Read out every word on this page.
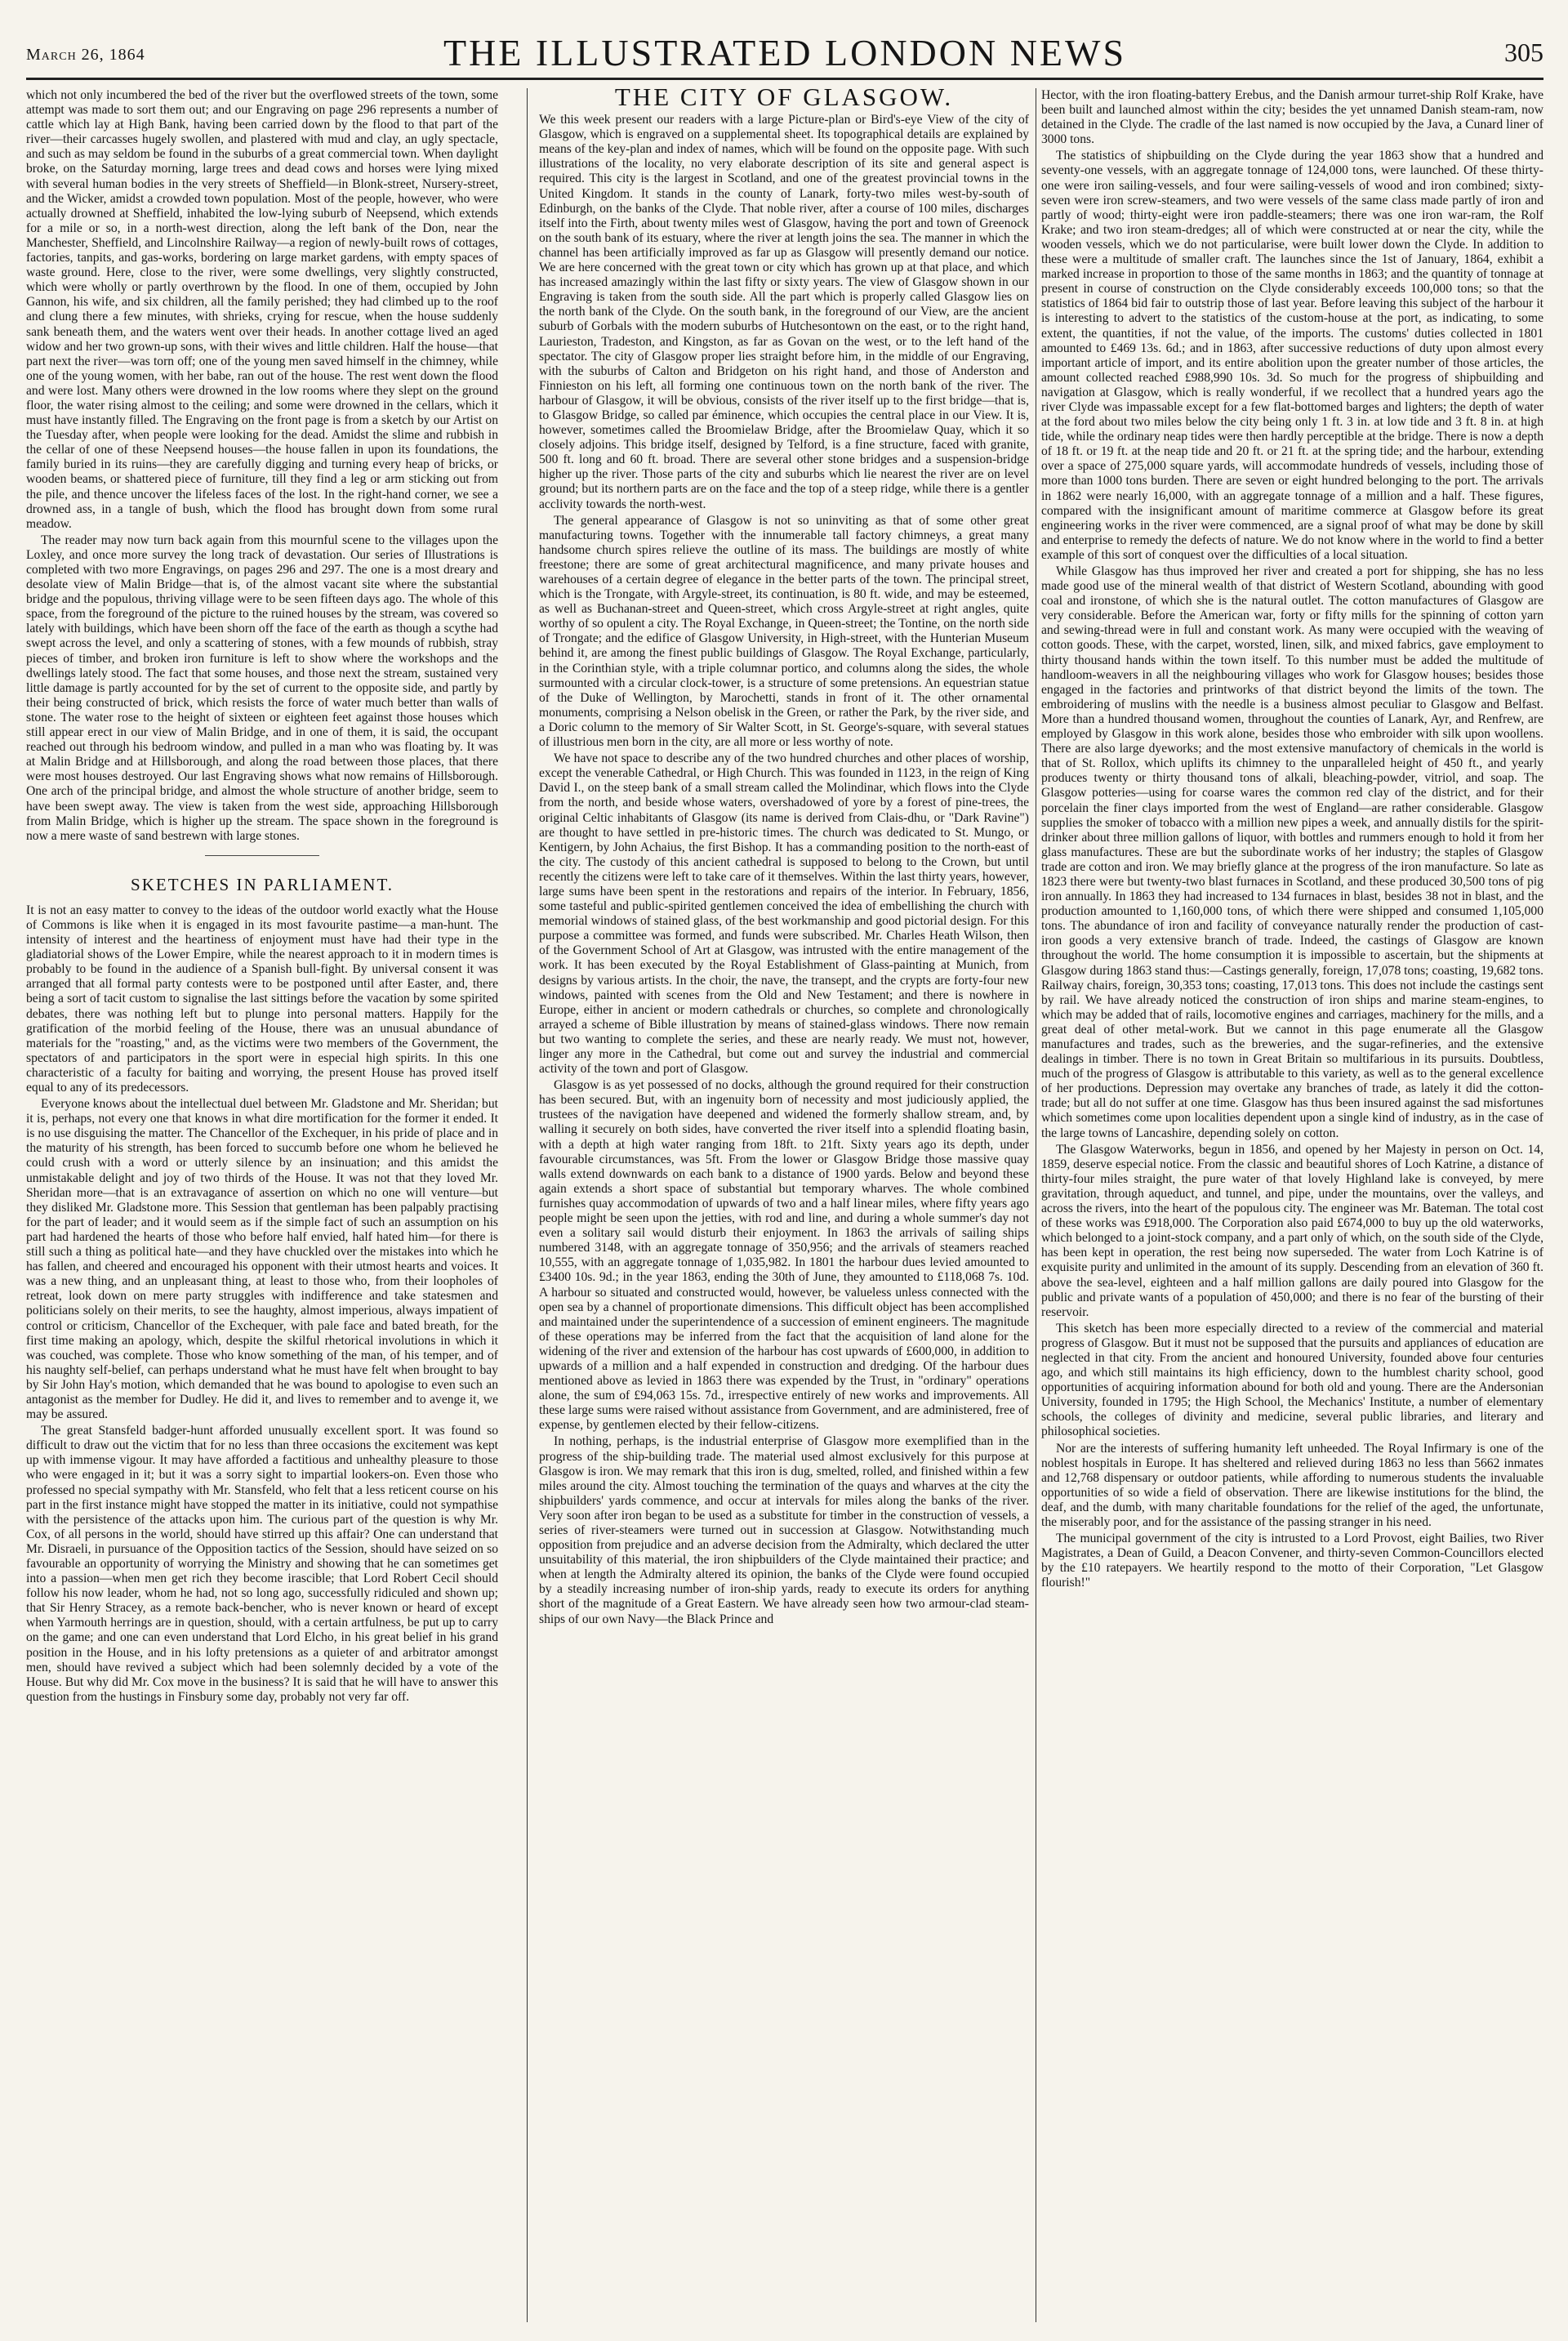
March 26, 1864	THE ILLUSTRATED LONDON NEWS	305

which not only incumbered the bed of the river but the overflowed streets of the town, some attempt was made to sort them out; and our Engraving on page 296 represents a number of cattle which lay at High Bank, having been carried down by the flood to that part of the river—their carcasses hugely swollen, and plastered with mud and clay, an ugly spectacle, and such as may seldom be found in the suburbs of a great commercial town. When daylight broke, on the Saturday morning, large trees and dead cows and horses were lying mixed with several human bodies in the very streets of Sheffield—in Blonk-street, Nursery-street, and the Wicker, amidst a crowded town population. Most of the people, however, who were actually drowned at Sheffield, inhabited the low-lying suburb of Neepsend, which extends for a mile or so, in a north-west direction, along the left bank of the Don, near the Manchester, Sheffield, and Lincolnshire Railway—a region of newly-built rows of cottages, factories, tanpits, and gas-works, bordering on large market gardens, with empty spaces of waste ground. Here, close to the river, were some dwellings, very slightly constructed, which were wholly or partly overthrown by the flood. In one of them, occupied by John Gannon, his wife, and six children, all the family perished; they had climbed up to the roof and clung there a few minutes, with shrieks, crying for rescue, when the house suddenly sank beneath them, and the waters went over their heads. In another cottage lived an aged widow and her two grown-up sons, with their wives and little children. Half the house—that part next the river—was torn off; one of the young men saved himself in the chimney, while one of the young women, with her babe, ran out of the house. The rest went down the flood and were lost. Many others were drowned in the low rooms where they slept on the ground floor, the water rising almost to the ceiling; and some were drowned in the cellars, which it must have instantly filled. The Engraving on the front page is from a sketch by our Artist on the Tuesday after, when people were looking for the dead. Amidst the slime and rubbish in the cellar of one of these Neepsend houses—the house fallen in upon its foundations, the family buried in its ruins—they are carefully digging and turning every heap of bricks, or wooden beams, or shattered piece of furniture, till they find a leg or arm sticking out from the pile, and thence uncover the lifeless faces of the lost. In the right-hand corner, we see a drowned ass, in a tangle of bush, which the flood has brought down from some rural meadow.

The reader may now turn back again from this mournful scene to the villages upon the Loxley, and once more survey the long track of devastation. Our series of Illustrations is completed with two more Engravings, on pages 296 and 297. The one is a most dreary and desolate view of Malin Bridge—that is, of the almost vacant site where the substantial bridge and the populous, thriving village were to be seen fifteen days ago. The whole of this space, from the foreground of the picture to the ruined houses by the stream, was covered so lately with buildings, which have been shorn off the face of the earth as though a scythe had swept across the level, and only a scattering of stones, with a few mounds of rubbish, stray pieces of timber, and broken iron furniture is left to show where the workshops and the dwellings lately stood. The fact that some houses, and those next the stream, sustained very little damage is partly accounted for by the set of current to the opposite side, and partly by their being constructed of brick, which resists the force of water much better than walls of stone. The water rose to the height of sixteen or eighteen feet against those houses which still appear erect in our view of Malin Bridge, and in one of them, it is said, the occupant reached out through his bedroom window, and pulled in a man who was floating by. It was at Malin Bridge and at Hillsborough, and along the road between those places, that there were most houses destroyed. Our last Engraving shows what now remains of Hillsborough. One arch of the principal bridge, and almost the whole structure of another bridge, seem to have been swept away. The view is taken from the west side, approaching Hillsborough from Malin Bridge, which is higher up the stream. The space shown in the foreground is now a mere waste of sand bestrewn with large stones.

SKETCHES IN PARLIAMENT.

It is not an easy matter to convey to the ideas of the outdoor world exactly what the House of Commons is like when it is engaged in its most favourite pastime—a man-hunt. The intensity of interest and the heartiness of enjoyment must have had their type in the gladiatorial shows of the Lower Empire, while the nearest approach to it in modern times is probably to be found in the audience of a Spanish bull-fight. By universal consent it was arranged that all formal party contests were to be postponed until after Easter, and, there being a sort of tacit custom to signalise the last sittings before the vacation by some spirited debates, there was nothing left but to plunge into personal matters. Happily for the gratification of the morbid feeling of the House, there was an unusual abundance of materials for the "roasting," and, as the victims were two members of the Government, the spectators of and participators in the sport were in especial high spirits. In this one characteristic of a faculty for baiting and worrying, the present House has proved itself equal to any of its predecessors.

Everyone knows about the intellectual duel between Mr. Gladstone and Mr. Sheridan; but it is, perhaps, not every one that knows in what dire mortification for the former it ended. It is no use disguising the matter. The Chancellor of the Exchequer, in his pride of place and in the maturity of his strength, has been forced to succumb before one whom he believed he could crush with a word or utterly silence by an insinuation; and this amidst the unmistakable delight and joy of two thirds of the House. It was not that they loved Mr. Sheridan more—that is an extravagance of assertion on which no one will venture—but they disliked Mr. Gladstone more. This Session that gentleman has been palpably practising for the part of leader; and it would seem as if the simple fact of such an assumption on his part had hardened the hearts of those who before half envied, half hated him—for there is still such a thing as political hate—and they have chuckled over the mistakes into which he has fallen, and cheered and encouraged his opponent with their utmost hearts and voices. It was a new thing, and an unpleasant thing, at least to those who, from their loopholes of retreat, look down on mere party struggles with indifference and take statesmen and politicians solely on their merits, to see the haughty, almost imperious, always impatient of control or criticism, Chancellor of the Exchequer, with pale face and bated breath, for the first time making an apology, which, despite the skilful rhetorical involutions in which it was couched, was complete. Those who know something of the man, of his temper, and of his naughty self-belief, can perhaps understand what he must have felt when brought to bay by Sir John Hay's motion, which demanded that he was bound to apologise to even such an antagonist as the member for Dudley. He did it, and lives to remember and to avenge it, we may be assured.

The great Stansfeld badger-hunt afforded unusually excellent sport. It was found so difficult to draw out the victim that for no less than three occasions the excitement was kept up with immense vigour. It may have afforded a factitious and unhealthy pleasure to those who were engaged in it; but it was a sorry sight to impartial lookers-on. Even those who professed no special sympathy with Mr. Stansfeld, who felt that a less reticent course on his part in the first instance might have stopped the matter in its initiative, could not sympathise with the persistence of the attacks upon him. The curious part of the question is why Mr. Cox, of all persons in the world, should have stirred up this affair? One can understand that Mr. Disraeli, in pursuance of the Opposition tactics of the Session, should have seized on so favourable an opportunity of worrying the Ministry and showing that he can sometimes get into a passion—when men get rich they become irascible; that Lord Robert Cecil should follow his now leader, whom he had, not so long ago, successfully ridiculed and shown up; that Sir Henry Stracey, as a remote back-bencher, who is never known or heard of except when Yarmouth herrings are in question, should, with a certain artfulness, be put up to carry on the game; and one can even understand that Lord Elcho, in his great belief in his grand position in the House, and in his lofty pretensions as a quieter of and arbitrator amongst men, should have revived a subject which had been solemnly decided by a vote of the House. But why did Mr. Cox move in the business? It is said that he will have to answer this question from the hustings in Finsbury some day, probably not very far off.

THE CITY OF GLASGOW.

We this week present our readers with a large Picture-plan or Bird's-eye View of the city of Glasgow, which is engraved on a supplemental sheet. Its topographical details are explained by means of the key-plan and index of names, which will be found on the opposite page. With such illustrations of the locality, no very elaborate description of its site and general aspect is required. This city is the largest in Scotland, and one of the greatest provincial towns in the United Kingdom. It stands in the county of Lanark, forty-two miles west-by-south of Edinburgh, on the banks of the Clyde. That noble river, after a course of 100 miles, discharges itself into the Firth, about twenty miles west of Glasgow, having the port and town of Greenock on the south bank of its estuary, where the river at length joins the sea. The manner in which the channel has been artificially improved as far up as Glasgow will presently demand our notice. We are here concerned with the great town or city which has grown up at that place, and which has increased amazingly within the last fifty or sixty years. The view of Glasgow shown in our Engraving is taken from the south side. All the part which is properly called Glasgow lies on the north bank of the Clyde. On the south bank, in the foreground of our View, are the ancient suburb of Gorbals with the modern suburbs of Hutchesontown on the east, or to the right hand, Laurieston, Tradeston, and Kingston, as far as Govan on the west, or to the left hand of the spectator. The city of Glasgow proper lies straight before him, in the middle of our Engraving, with the suburbs of Calton and Bridgeton on his right hand, and those of Anderston and Finnieston on his left, all forming one continuous town on the north bank of the river. The harbour of Glasgow, it will be obvious, consists of the river itself up to the first bridge—that is, to Glasgow Bridge, so called par éminence, which occupies the central place in our View. It is, however, sometimes called the Broomielaw Bridge, after the Broomielaw Quay, which it so closely adjoins. This bridge itself, designed by Telford, is a fine structure, faced with granite, 500 ft. long and 60 ft. broad. There are several other stone bridges and a suspension-bridge higher up the river. Those parts of the city and suburbs which lie nearest the river are on level ground; but its northern parts are on the face and the top of a steep ridge, while there is a gentler acclivity towards the north-west.

The general appearance of Glasgow is not so uninviting as that of some other great manufacturing towns. Together with the innumerable tall factory chimneys, a great many handsome church spires relieve the outline of its mass. The buildings are mostly of white freestone; there are some of great architectural magnificence, and many private houses and warehouses of a certain degree of elegance in the better parts of the town. The principal street, which is the Trongate, with Argyle-street, its continuation, is 80 ft. wide, and may be esteemed, as well as Buchanan-street and Queen-street, which cross Argyle-street at right angles, quite worthy of so opulent a city. The Royal Exchange, in Queen-street; the Tontine, on the north side of Trongate; and the edifice of Glasgow University, in High-street, with the Hunterian Museum behind it, are among the finest public buildings of Glasgow. The Royal Exchange, particularly, in the Corinthian style, with a triple columnar portico, and columns along the sides, the whole surmounted with a circular clock-tower, is a structure of some pretensions. An equestrian statue of the Duke of Wellington, by Marochetti, stands in front of it. The other ornamental monuments, comprising a Nelson obelisk in the Green, or rather the Park, by the river side, and a Doric column to the memory of Sir Walter Scott, in St. George's-square, with several statues of illustrious men born in the city, are all more or less worthy of note.

We have not space to describe any of the two hundred churches and other places of worship, except the venerable Cathedral, or High Church. This was founded in 1123, in the reign of King David I., on the steep bank of a small stream called the Molindinar, which flows into the Clyde from the north, and beside whose waters, overshadowed of yore by a forest of pine-trees, the original Celtic inhabitants of Glasgow (its name is derived from Clais-dhu, or "Dark Ravine") are thought to have settled in pre-historic times. The church was dedicated to St. Mungo, or Kentigern, by John Achaius, the first Bishop. It has a commanding position to the north-east of the city. The custody of this ancient cathedral is supposed to belong to the Crown, but until recently the citizens were left to take care of it themselves. Within the last thirty years, however, large sums have been spent in the restorations and repairs of the interior. In February, 1856, some tasteful and public-spirited gentlemen conceived the idea of embellishing the church with memorial windows of stained glass, of the best workmanship and good pictorial design. For this purpose a committee was formed, and funds were subscribed. Mr. Charles Heath Wilson, then of the Government School of Art at Glasgow, was intrusted with the entire management of the work. It has been executed by the Royal Establishment of Glass-painting at Munich, from designs by various artists. In the choir, the nave, the transept, and the crypts are forty-four new windows, painted with scenes from the Old and New Testament; and there is nowhere in Europe, either in ancient or modern cathedrals or churches, so complete and chronologically arrayed a scheme of Bible illustration by means of stained-glass windows. There now remain but two wanting to complete the series, and these are nearly ready. We must not, however, linger any more in the Cathedral, but come out and survey the industrial and commercial activity of the town and port of Glasgow.

Glasgow is as yet possessed of no docks, although the ground required for their construction has been secured. But, with an ingenuity born of necessity and most judiciously applied, the trustees of the navigation have deepened and widened the formerly shallow stream, and, by walling it securely on both sides, have converted the river itself into a splendid floating basin, with a depth at high water ranging from 18ft. to 21ft. Sixty years ago its depth, under favourable circumstances, was 5ft. From the lower or Glasgow Bridge those massive quay walls extend downwards on each bank to a distance of 1900 yards. Below and beyond these again extends a short space of substantial but temporary wharves. The whole combined furnishes quay accommodation of upwards of two and a half linear miles, where fifty years ago people might be seen upon the jetties, with rod and line, and during a whole summer's day not even a solitary sail would disturb their enjoyment. In 1863 the arrivals of sailing ships numbered 3148, with an aggregate tonnage of 350,956; and the arrivals of steamers reached 10,555, with an aggregate tonnage of 1,035,982. In 1801 the harbour dues levied amounted to £3400 10s. 9d.; in the year 1863, ending the 30th of June, they amounted to £118,068 7s. 10d. A harbour so situated and constructed would, however, be valueless unless connected with the open sea by a channel of proportionate dimensions. This difficult object has been accomplished and maintained under the superintendence of a succession of eminent engineers. The magnitude of these operations may be inferred from the fact that the acquisition of land alone for the widening of the river and extension of the harbour has cost upwards of £600,000, in addition to upwards of a million and a half expended in construction and dredging. Of the harbour dues mentioned above as levied in 1863 there was expended by the Trust, in "ordinary" operations alone, the sum of £94,063 15s. 7d., irrespective entirely of new works and improvements. All these large sums were raised without assistance from Government, and are administered, free of expense, by gentlemen elected by their fellow-citizens.

In nothing, perhaps, is the industrial enterprise of Glasgow more exemplified than in the progress of the ship-building trade. The material used almost exclusively for this purpose at Glasgow is iron. We may remark that this iron is dug, smelted, rolled, and finished within a few miles around the city. Almost touching the termination of the quays and wharves at the city the shipbuilders' yards commence, and occur at intervals for miles along the banks of the river. Very soon after iron began to be used as a substitute for timber in the construction of vessels, a series of river-steamers were turned out in succession at Glasgow. Notwithstanding much opposition from prejudice and an adverse decision from the Admiralty, which declared the utter unsuitability of this material, the iron shipbuilders of the Clyde maintained their practice; and when at length the Admiralty altered its opinion, the banks of the Clyde were found occupied by a steadily increasing number of iron-ship yards, ready to execute its orders for anything short of the magnitude of a Great Eastern. We have already seen how two armour-clad steam-ships of our own Navy—the Black Prince and

Hector, with the iron floating-battery Erebus, and the Danish armour turret-ship Rolf Krake, have been built and launched almost within the city; besides the yet unnamed Danish steam-ram, now detained in the Clyde. The cradle of the last named is now occupied by the Java, a Cunard liner of 3000 tons.

The statistics of shipbuilding on the Clyde during the year 1863 show that a hundred and seventy-one vessels, with an aggregate tonnage of 124,000 tons, were launched. Of these thirty-one were iron sailing-vessels, and four were sailing-vessels of wood and iron combined; sixty-seven were iron screw-steamers, and two were vessels of the same class made partly of iron and partly of wood; thirty-eight were iron paddle-steamers; there was one iron war-ram, the Rolf Krake; and two iron steam-dredges; all of which were constructed at or near the city, while the wooden vessels, which we do not particularise, were built lower down the Clyde. In addition to these were a multitude of smaller craft. The launches since the 1st of January, 1864, exhibit a marked increase in proportion to those of the same months in 1863; and the quantity of tonnage at present in course of construction on the Clyde considerably exceeds 100,000 tons; so that the statistics of 1864 bid fair to outstrip those of last year. Before leaving this subject of the harbour it is interesting to advert to the statistics of the custom-house at the port, as indicating, to some extent, the quantities, if not the value, of the imports. The customs' duties collected in 1801 amounted to £469 13s. 6d.; and in 1863, after successive reductions of duty upon almost every important article of import, and its entire abolition upon the greater number of those articles, the amount collected reached £988,990 10s. 3d. So much for the progress of shipbuilding and navigation at Glasgow, which is really wonderful, if we recollect that a hundred years ago the river Clyde was impassable except for a few flat-bottomed barges and lighters; the depth of water at the ford about two miles below the city being only 1 ft. 3 in. at low tide and 3 ft. 8 in. at high tide, while the ordinary neap tides were then hardly perceptible at the bridge. There is now a depth of 18 ft. or 19 ft. at the neap tide and 20 ft. or 21 ft. at the spring tide; and the harbour, extending over a space of 275,000 square yards, will accommodate hundreds of vessels, including those of more than 1000 tons burden. There are seven or eight hundred belonging to the port. The arrivals in 1862 were nearly 16,000, with an aggregate tonnage of a million and a half. These figures, compared with the insignificant amount of maritime commerce at Glasgow before its great engineering works in the river were commenced, are a signal proof of what may be done by skill and enterprise to remedy the defects of nature. We do not know where in the world to find a better example of this sort of conquest over the difficulties of a local situation.

While Glasgow has thus improved her river and created a port for shipping, she has no less made good use of the mineral wealth of that district of Western Scotland, abounding with good coal and ironstone, of which she is the natural outlet. The cotton manufactures of Glasgow are very considerable. Before the American war, forty or fifty mills for the spinning of cotton yarn and sewing-thread were in full and constant work. As many were occupied with the weaving of cotton goods. These, with the carpet, worsted, linen, silk, and mixed fabrics, gave employment to thirty thousand hands within the town itself. To this number must be added the multitude of handloom-weavers in all the neighbouring villages who work for Glasgow houses; besides those engaged in the factories and printworks of that district beyond the limits of the town. The embroidering of muslins with the needle is a business almost peculiar to Glasgow and Belfast. More than a hundred thousand women, throughout the counties of Lanark, Ayr, and Renfrew, are employed by Glasgow in this work alone, besides those who embroider with silk upon woollens. There are also large dyeworks; and the most extensive manufactory of chemicals in the world is that of St. Rollox, which uplifts its chimney to the unparalleled height of 450 ft., and yearly produces twenty or thirty thousand tons of alkali, bleaching-powder, vitriol, and soap. The Glasgow potteries—using for coarse wares the common red clay of the district, and for their porcelain the finer clays imported from the west of England—are rather considerable. Glasgow supplies the smoker of tobacco with a million new pipes a week, and annually distils for the spirit-drinker about three million gallons of liquor, with bottles and rummers enough to hold it from her glass manufactures. These are but the subordinate works of her industry; the staples of Glasgow trade are cotton and iron. We may briefly glance at the progress of the iron manufacture. So late as 1823 there were but twenty-two blast furnaces in Scotland, and these produced 30,500 tons of pig iron annually. In 1863 they had increased to 134 furnaces in blast, besides 38 not in blast, and the production amounted to 1,160,000 tons, of which there were shipped and consumed 1,105,000 tons. The abundance of iron and facility of conveyance naturally render the production of cast-iron goods a very extensive branch of trade. Indeed, the castings of Glasgow are known throughout the world. The home consumption it is impossible to ascertain, but the shipments at Glasgow during 1863 stand thus:—Castings generally, foreign, 17,078 tons; coasting, 19,682 tons. Railway chairs, foreign, 30,353 tons; coasting, 17,013 tons. This does not include the castings sent by rail. We have already noticed the construction of iron ships and marine steam-engines, to which may be added that of rails, locomotive engines and carriages, machinery for the mills, and a great deal of other metal-work. But we cannot in this page enumerate all the Glasgow manufactures and trades, such as the breweries, and the sugar-refineries, and the extensive dealings in timber. There is no town in Great Britain so multifarious in its pursuits. Doubtless, much of the progress of Glasgow is attributable to this variety, as well as to the general excellence of her productions. Depression may overtake any branches of trade, as lately it did the cotton-trade; but all do not suffer at one time. Glasgow has thus been insured against the sad misfortunes which sometimes come upon localities dependent upon a single kind of industry, as in the case of the large towns of Lancashire, depending solely on cotton.

The Glasgow Waterworks, begun in 1856, and opened by her Majesty in person on Oct. 14, 1859, deserve especial notice. From the classic and beautiful shores of Loch Katrine, a distance of thirty-four miles straight, the pure water of that lovely Highland lake is conveyed, by mere gravitation, through aqueduct, and tunnel, and pipe, under the mountains, over the valleys, and across the rivers, into the heart of the populous city. The engineer was Mr. Bateman. The total cost of these works was £918,000. The Corporation also paid £674,000 to buy up the old waterworks, which belonged to a joint-stock company, and a part only of which, on the south side of the Clyde, has been kept in operation, the rest being now superseded. The water from Loch Katrine is of exquisite purity and unlimited in the amount of its supply. Descending from an elevation of 360 ft. above the sea-level, eighteen and a half million gallons are daily poured into Glasgow for the public and private wants of a population of 450,000; and there is no fear of the bursting of their reservoir.

This sketch has been more especially directed to a review of the commercial and material progress of Glasgow. But it must not be supposed that the pursuits and appliances of education are neglected in that city. From the ancient and honoured University, founded above four centuries ago, and which still maintains its high efficiency, down to the humblest charity school, good opportunities of acquiring information abound for both old and young. There are the Andersonian University, founded in 1795; the High School, the Mechanics' Institute, a number of elementary schools, the colleges of divinity and medicine, several public libraries, and literary and philosophical societies.

Nor are the interests of suffering humanity left unheeded. The Royal Infirmary is one of the noblest hospitals in Europe. It has sheltered and relieved during 1863 no less than 5662 inmates and 12,768 dispensary or outdoor patients, while affording to numerous students the invaluable opportunities of so wide a field of observation. There are likewise institutions for the blind, the deaf, and the dumb, with many charitable foundations for the relief of the aged, the unfortunate, the miserably poor, and for the assistance of the passing stranger in his need.

The municipal government of the city is intrusted to a Lord Provost, eight Bailies, two River Magistrates, a Dean of Guild, a Deacon Convener, and thirty-seven Common-Councillors elected by the £10 ratepayers. We heartily respond to the motto of their Corporation, "Let Glasgow flourish!"
